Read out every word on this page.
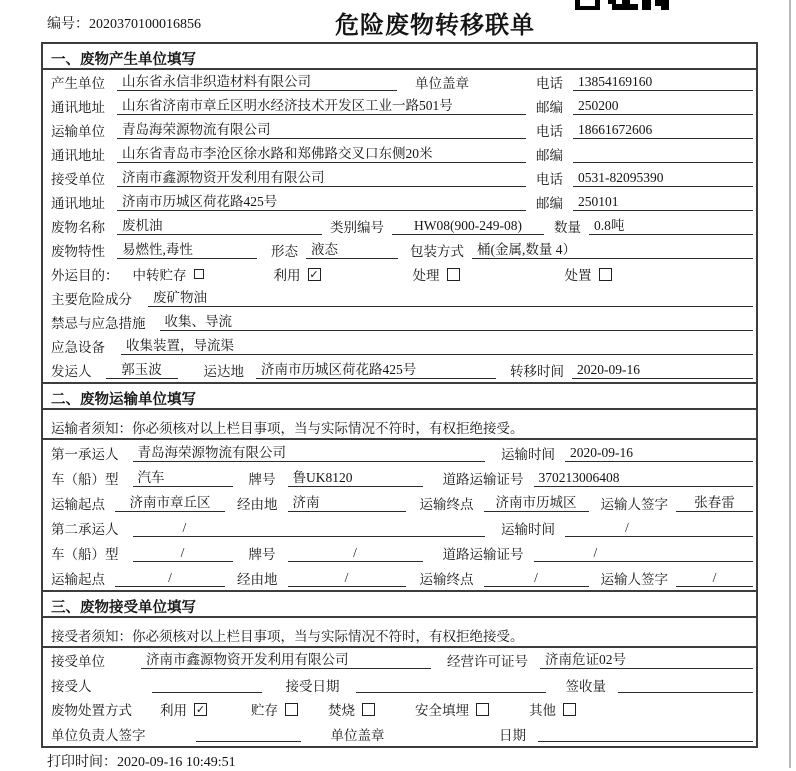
编号：2020370100016856	危险废物转移联单
一、废物产生单位填写
产生单位	山东省永信非织造材料有限公司	单位盖章	电话	13854169160
通讯地址	山东省济南市章丘区明水经济技术开发区工业一路501号	邮编	250200
运输单位	青岛海荣源物流有限公司	电话	18661672606
通讯地址	山东省青岛市李沧区徐水路和郑佛路交叉口东侧20米	邮编
接受单位	济南市鑫源物资开发利用有限公司	电话	0531-82095390
通讯地址	济南市历城区荷花路425号	邮编	250101
废物名称	废机油	类别编号	HW08(900-249-08)	数量 0.8吨
废物特性	易燃性,毒性	形态 液态	包装方式 桶(金属,数量 4）
外运目的： 中转贮存	利用 ✓	处理	处置
主要危险成分	废矿物油
禁忌与应急措施	收集、导流
应急设备	收集装置，导流渠
发运人	郭玉波	运达地	济南市历城区荷花路425号	转移时间 2020-09-16
二、废物运输单位填写
运输者须知：你必须核对以上栏目事项，当与实际情况不符时，有权拒绝接受。
第一承运人	青岛海荣源物流有限公司	运输时间	2020-09-16
车（船）型	汽车	牌号	鲁UK8120	道路运输证号	370213006408
运输起点	济南市章丘区	经由地	济南	运输终点	济南市历城区	运输人签字	张春雷
第二承运人	/	运输时间	/
车（船）型	/	牌号	/	道路运输证号	/
运输起点	/	经由地	/	运输终点	/	运输人签字	/
三、废物接受单位填写
接受者须知：你必须核对以上栏目事项，当与实际情况不符时，有权拒绝接受。
接受单位	济南市鑫源物资开发利用有限公司	经营许可证号	济南危证02号
接受人	接受日期	签收量
废物处置方式 利用 ✓	贮存	焚烧	安全填埋	其他
单位负责人签字	单位盖章	日期
打印时间：2020-09-16 10:49:51
